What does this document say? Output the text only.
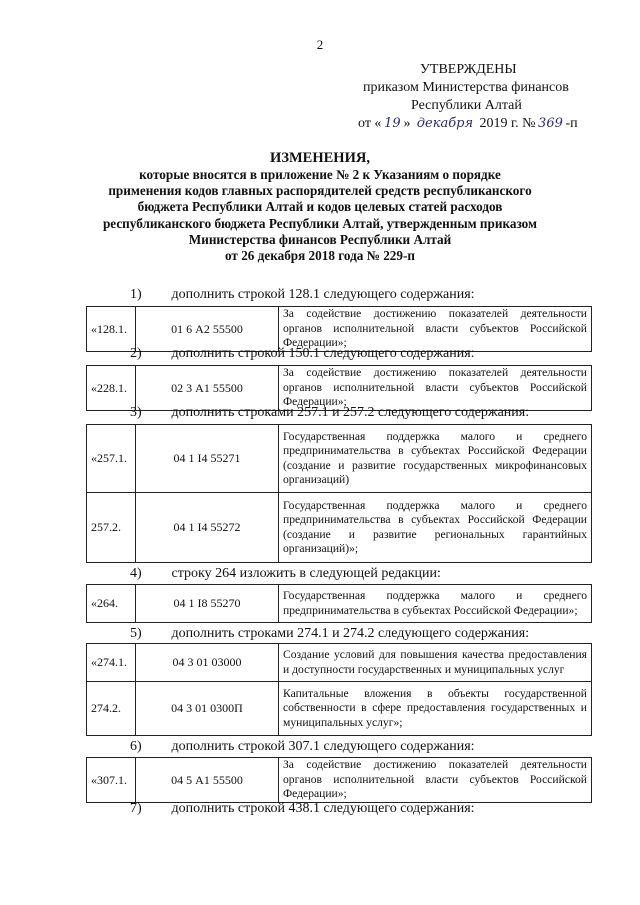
2
УТВЕРЖДЕНЫ
приказом Министерства финансов
Республики Алтай
от « 19 » декабря 2019 г. № 369 -п
ИЗМЕНЕНИЯ,
которые вносятся в приложение № 2 к Указаниям о порядке
применения кодов главных распорядителей средств республиканского
бюджета Республики Алтай и кодов целевых статей расходов
республиканского бюджета Республики Алтай, утвержденным приказом
Министерства финансов Республики Алтай
от 26 декабря 2018 года № 229-п
1) дополнить строкой 128.1 следующего содержания:
«128.1.	01 6 А2 55500	За содействие достижению показателей деятельности органов исполнительной власти субъектов Российской Федерации»;
2) дополнить строкой 150.1 следующего содержания:
«228.1.	02 3 А1 55500	За содействие достижению показателей деятельности органов исполнительной власти субъектов Российской Федерации»;
3) дополнить строками 257.1 и 257.2 следующего содержания:
«257.1.	04 1 I4 55271	Государственная поддержка малого и среднего предпринимательства в субъектах Российской Федерации (создание и развитие государственных микрофинансовых организаций)
257.2.	04 1 I4 55272	Государственная поддержка малого и среднего предпринимательства в субъектах Российской Федерации (создание и развитие региональных гарантийных организаций)»;
4) строку 264 изложить в следующей редакции:
«264.	04 1 I8 55270	Государственная поддержка малого и среднего предпринимательства в субъектах Российской Федерации»;
5) дополнить строками 274.1 и 274.2 следующего содержания:
«274.1.	04 3 01 03000	Создание условий для повышения качества предоставления и доступности государственных и муниципальных услуг
274.2.	04 3 01 0300П	Капитальные вложения в объекты государственной собственности в сфере предоставления государственных и муниципальных услуг»;
6) дополнить строкой 307.1 следующего содержания:
«307.1.	04 5 А1 55500	За содействие достижению показателей деятельности органов исполнительной власти субъектов Российской Федерации»;
7) дополнить строкой 438.1 следующего содержания:
